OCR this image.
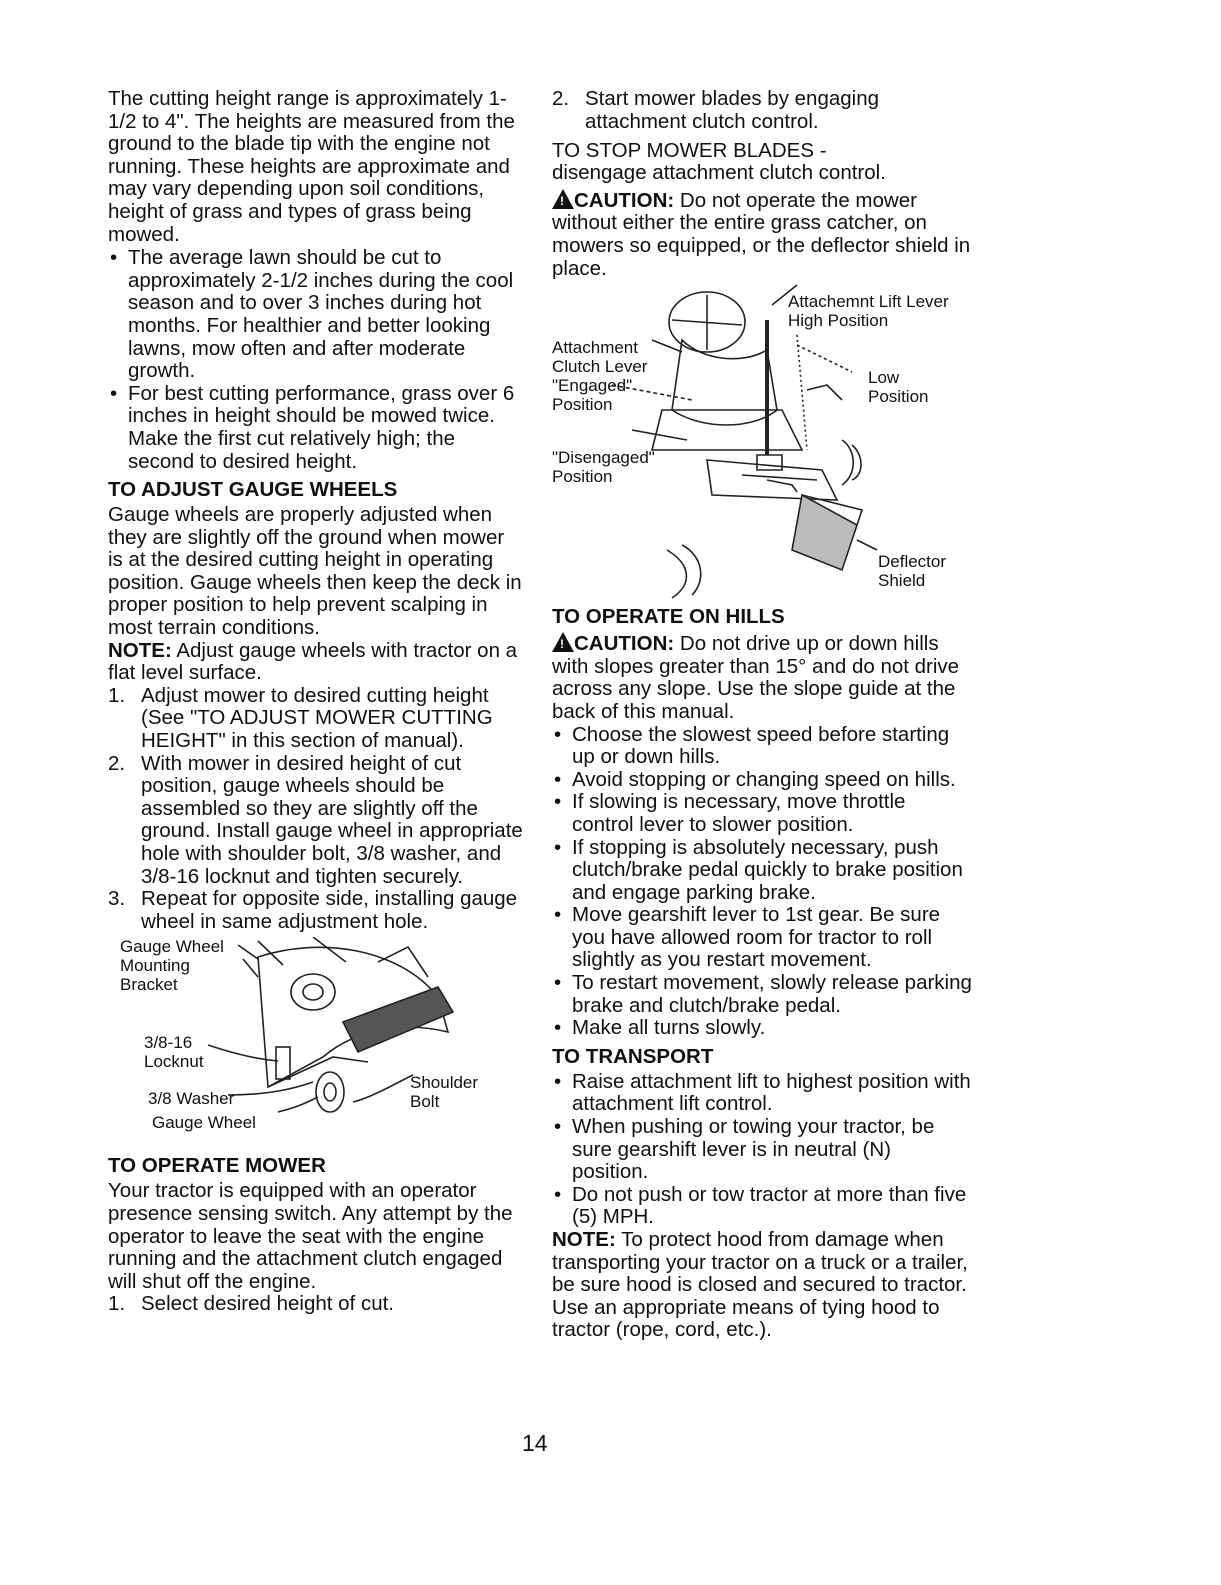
The cutting height range is approximately 1-1/2 to 4". The heights are measured from the ground to the blade tip with the engine not running. These heights are approximate and may vary depending upon soil conditions, height of grass and types of grass being mowed.

• The average lawn should be cut to approximately 2-1/2 inches during the cool season and to over 3 inches during hot months. For healthier and better looking lawns, mow often and after moderate growth.
• For best cutting performance, grass over 6 inches in height should be mowed twice. Make the first cut relatively high; the second to desired height.
TO ADJUST GAUGE WHEELS

Gauge wheels are properly adjusted when they are slightly off the ground when mower is at the desired cutting height in operating position. Gauge wheels then keep the deck in proper position to help prevent scalping in most terrain conditions.

NOTE: Adjust gauge wheels with tractor on a flat level surface.

1. Adjust mower to desired cutting height (See "TO ADJUST MOWER CUTTING HEIGHT" in this section of manual).
2. With mower in desired height of cut position, gauge wheels should be assembled so they are slightly off the ground. Install gauge wheel in appropriate hole with shoulder bolt, 3/8 washer, and 3/8-16 locknut and tighten securely.
3. Repeat for opposite side, installing gauge wheel in same adjustment hole.
Gauge Wheel Mounting Bracket
3/8-16 Locknut
3/8 Washer
Gauge Wheel
Shoulder Bolt
TO OPERATE MOWER

Your tractor is equipped with an operator presence sensing switch. Any attempt by the operator to leave the seat with the engine running and the attachment clutch engaged will shut off the engine.

1. Select desired height of cut.
2. Start mower blades by engaging attachment clutch control.
TO STOP MOWER BLADES -

disengage attachment clutch control.

!CAUTION: Do not operate the mower without either the entire grass catcher, on mowers so equipped, or the deflector shield in place.

Attachment Clutch Lever "Engaged" Position
"Disengaged" Position
Attachemnt Lift Lever High Position
Low Position
Deflector Shield
TO OPERATE ON HILLS

!CAUTION: Do not drive up or down hills with slopes greater than 15° and do not drive across any slope. Use the slope guide at the back of this manual.

• Choose the slowest speed before starting up or down hills.
• Avoid stopping or changing speed on hills.
• If slowing is necessary, move throttle control lever to slower position.
• If stopping is absolutely necessary, push clutch/brake pedal quickly to brake position and engage parking brake.
• Move gearshift lever to 1st gear. Be sure you have allowed room for tractor to roll slightly as you restart movement.
• To restart movement, slowly release parking brake and clutch/brake pedal.
• Make all turns slowly.
TO TRANSPORT
• Raise attachment lift to highest position with attachment lift control.
• When pushing or towing your tractor, be sure gearshift lever is in neutral (N) position.
• Do not push or tow tractor at more than five (5) MPH.

NOTE: To protect hood from damage when transporting your tractor on a truck or a trailer, be sure hood is closed and secured to tractor. Use an appropriate means of tying hood to tractor (rope, cord, etc.).

14
